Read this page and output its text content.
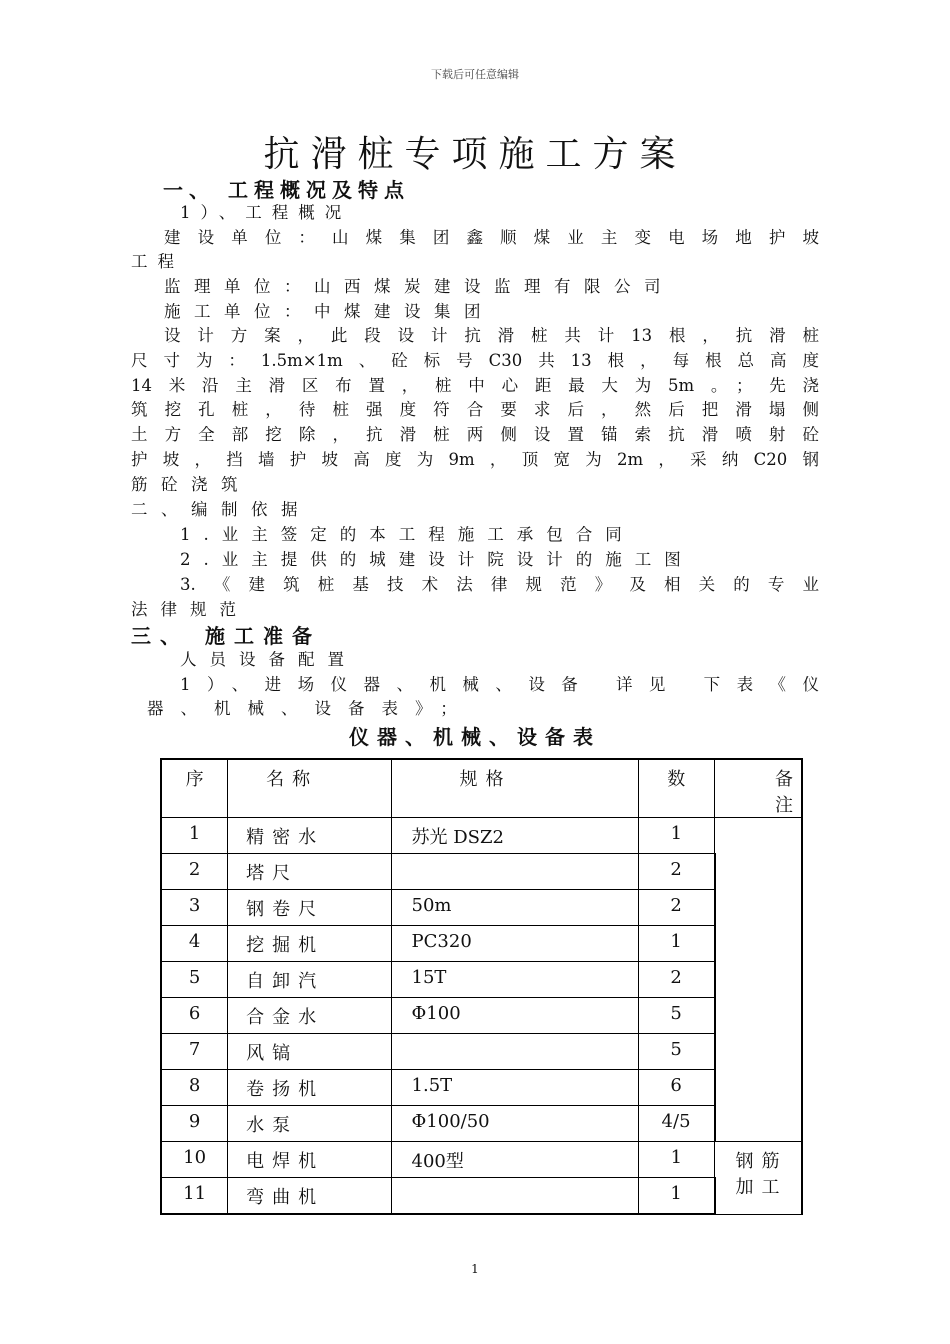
下载后可任意编辑
抗滑桩专项施工方案
一、 工程概况及特点
1）、工程概况
建设单位：山煤集团鑫顺煤业主变电场地护坡
工程
监理单位：山西煤炭建设监理有限公司
施工单位：中煤建设集团
设计方案，此段设计抗滑桩共计13根，抗滑桩
尺寸为：1.5m×1m、砼标号C30共13根，每根总高度
14米沿主滑区布置，桩中心距最大为5m。；先浇
筑挖孔桩，待桩强度符合要求后，然后把滑塌侧
土方全部挖除，抗滑桩两侧设置锚索抗滑喷射砼
护坡，挡墙护坡高度为9m，顶宽为2m，采纳C20钢
筋砼浇筑
二、编制依据
1.业主签定的本工程施工承包合同
2.业主提供的城建设计院设计的施工图
3.《建筑桩基技术法律规范》及相关的专业
法律规范
三、 施工准备
人员设备配置
1）、进场仪器、机械、设备 详见 下表《仪
器、机械、设备表》；
仪器、机械、设备表
序	名称	规格	数	备注
1	精密水	苏光 DSZ2	1	
2	塔尺		2	
3	钢卷尺	50m	2	
4	挖掘机	PC320	1	
5	自卸汽	15T	2	
6	合金水	Φ100	5	
7	风镐		5	
8	卷扬机	1.5T	6	
9	水泵	Φ100/50	4/5	
10	电焊机	400型	1	钢筋加工
11	弯曲机		1	
1
